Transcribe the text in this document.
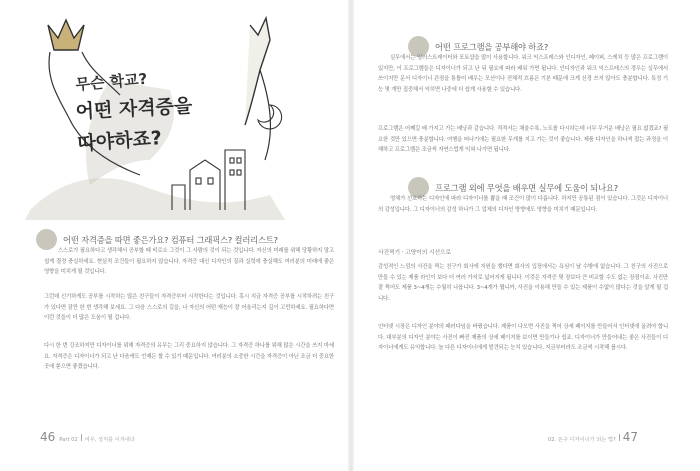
무슨 학교?
어떤 자격증을
따야하죠?
어떤 자격증을 따면 좋은가요? 컴퓨터 그래픽스? 컬러리스트?

스스로가 필요하다고 생각해서 공부할 때 비로소 그것이 그 사람의 것이 되는 것입니다. 자신의 미래를 위해 당황하지 말고 쉽게 결정 충실하세요. 현실적 조건들이 필요하지 않습니다. 자격증 대신 디자인의 질과 실력에 충실해도 여러분의 미래에 좋은 영향을 미치게 될 것입니다.

그런데 신기하게도 공부를 시작하는 많은 친구들이 자격증부터 시작한다는 것입니다. 혹시 지금 자격증 공부를 시작하려는 친구가 있다면 잠깐 한 번 생각해 보세요. 그 다음 스스로의 길을, 나 자신의 어떤 재능이 잘 어울리는지 깊이 고민하세요. 필요하다면 이런 것들이 더 많은 도움이 될 겁니다.

다시 한 번 강조하지만 디자이너를 위해 자격증의 유무는 그리 중요하지 않습니다. 그 자격증 하나를 위해 많은 시간을 쓰지 마세요. 자격증은 디자이너가 되고 난 다음에도 언제든 할 수 있기 때문입니다. 여러분의 소중한 시간을 자격증이 아닌 조금 더 중요한 곳에 쏟으면 좋겠습니다.

46 Part 02 여우, 상처를 이겨내다
어떤 프로그램을 공부해야 하죠?

실무에서는 일러스트레이터와 포토샵을 많이 사용합니다. 워크 익스프레스와 인디자인, 페이퍼, 스케치 등 많은 프로그램이 있지만, 이 프로그램들은 디자이너가 되고 난 뒤 필요에 따라 배워 가면 됩니다. 인디자인과 워크 익스프레스의 경우는 실무에서 쓰이지만 문서 디자이너 관점을 통틀어 배우는 모션이나 전체적 흐름은 기본 때문에 크게 신경 쓰지 않아도 충분합니다. 특정 기능 몇 개만 집중해서 익히면 나중에 더 쉽게 사용할 수 있습니다.

프로그램은 어째길 배 가지고 가는 배낭과 같습니다. 적적서는 채울수록, 노트를 다시하는데 너무 무거운 배낭은 필요 없겠죠? 필요한 것만 있으면 충분합니다. 여행을 떠나기에는 필요한 무게를 지고 가는 것이 좋습니다. 제품 디자인을 하나씩 잡는 과정을 이해하고 프로그램은 조금씩 자연스럽게 익혀 나가면 됩니다.

프로그램 외에 무엇을 배우면 실무에 도움이 되나요?

영체가 선호하는 디자인에 따라 디자이너를 뽑을 때 조건이 많이 다릅니다. 하지만 공통된 점이 있습니다. 그것은 디자이너의 감성입니다. 그 디자이너의 감성 하나가 그 업체의 디자인 방향에도 영향을 미치기 때문입니다.

사진찍기 · 고양이의 시선으로

감성적인 느낌의 사진을 찍는 친구가 회사에 지원을 했다면 회사의 입장에서는 욕심이 날 수밖에 없습니다. 그 친구의 사진으로 만들 수 있는 제품 라인이 보다 더 여러 가지로 넓어지게 됩니다. 이것은 자격증 몇 장보다 큰 비교할 수도 없는 장점이죠. 사진만 잘 찍어도 제품 3~4개는 수월히 나옵니다. 3~4개가 뭡니까, 사진을 이용해 만들 수 있는 제품이 수없이 많다는 것을 알게 될 겁니다.

인터넷 시장은 디자인 분야의 패러다임을 바꿨습니다. 제품이 나오면 사진을 찍어 상세 페이지를 만들어서 인터넷에 올려야 합니다. 대부분의 디자인 분야는 사진이 빠진 제품의 상세 페이지를 보이면 만들기나 쉽죠. 디자이너가 만들어내는 좋은 사진들이 디자이너에게도 유익합니다. 늘 다른 디자이너에게 발견되는 눈치 있습니다. 지금부터라도 조금씩 시작해 봅시다.

02. 돈구 디자이너가 되는 법? 47
